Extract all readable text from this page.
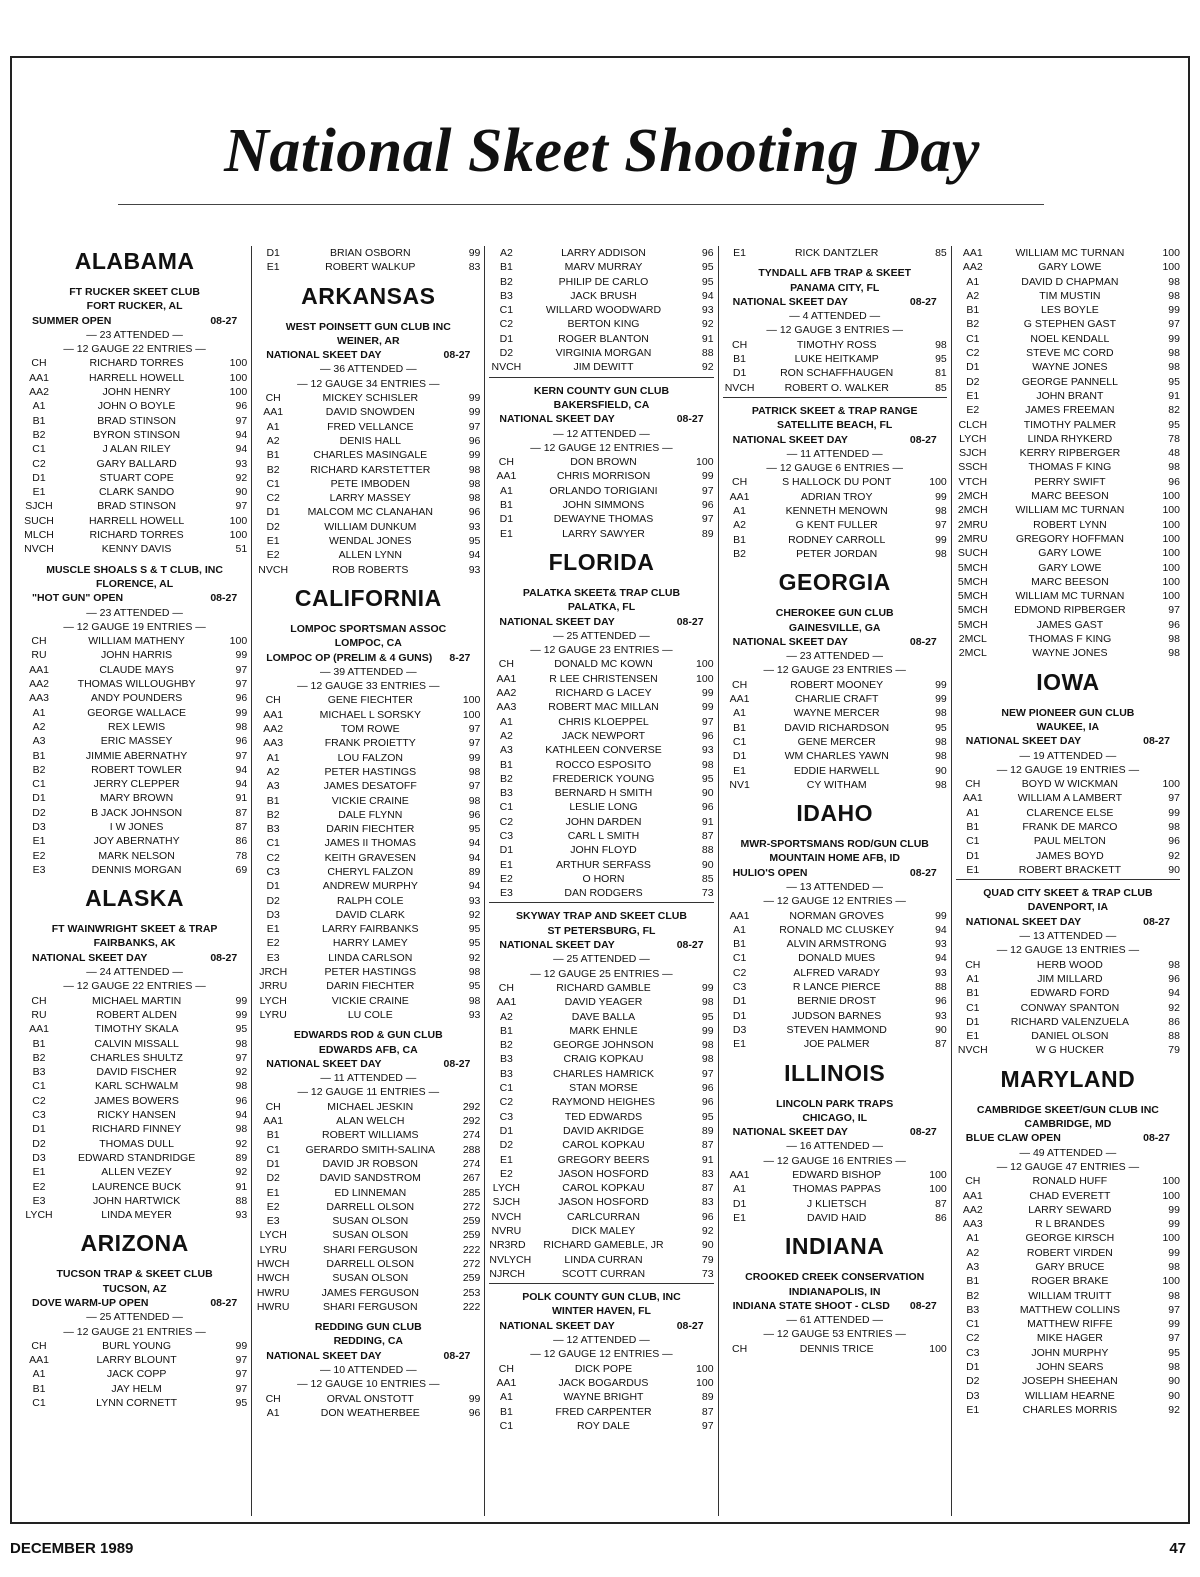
National Skeet Shooting Day
ALABAMA
FT RUCKER SKEET CLUB
FORT RUCKER, AL
SUMMER OPEN	08-27
— 23 ATTENDED —
— 12 GAUGE 22 ENTRIES —
CH	RICHARD TORRES	100
AA1	HARRELL HOWELL	100
AA2	JOHN HENRY	100
A1	JOHN O BOYLE	96
B1	BRAD STINSON	97
B2	BYRON STINSON	94
C1	J ALAN RILEY	94
C2	GARY BALLARD	93
D1	STUART COPE	92
E1	CLARK SANDO	90
SJCH	BRAD STINSON	97
SUCH	HARRELL HOWELL	100
MLCH	RICHARD TORRES	100
NVCH	KENNY DAVIS	51
MUSCLE SHOALS S & T CLUB, INC
FLORENCE, AL
"HOT GUN" OPEN	08-27
— 23 ATTENDED —
— 12 GAUGE 19 ENTRIES —
CH	WILLIAM MATHENY	100
RU	JOHN HARRIS	99
AA1	CLAUDE MAYS	97
AA2	THOMAS WILLOUGHBY	97
AA3	ANDY POUNDERS	96
A1	GEORGE WALLACE	99
A2	REX LEWIS	98
A3	ERIC MASSEY	96
B1	JIMMIE ABERNATHY	97
B2	ROBERT TOWLER	94
C1	JERRY CLEPPER	94
D1	MARY BROWN	91
D2	B JACK JOHNSON	87
D3	I W JONES	87
E1	JOY ABERNATHY	86
E2	MARK NELSON	78
E3	DENNIS MORGAN	69
ALASKA
FT WAINWRIGHT SKEET & TRAP
FAIRBANKS, AK
NATIONAL SKEET DAY	08-27
— 24 ATTENDED —
— 12 GAUGE 22 ENTRIES —
CH	MICHAEL MARTIN	99
RU	ROBERT ALDEN	99
AA1	TIMOTHY SKALA	95
B1	CALVIN MISSALL	98
B2	CHARLES SHULTZ	97
B3	DAVID FISCHER	92
C1	KARL SCHWALM	98
C2	JAMES BOWERS	96
C3	RICKY HANSEN	94
D1	RICHARD FINNEY	98
D2	THOMAS DULL	92
D3	EDWARD STANDRIDGE	89
E1	ALLEN VEZEY	92
E2	LAURENCE BUCK	91
E3	JOHN HARTWICK	88
LYCH	LINDA MEYER	93
ARIZONA
TUCSON TRAP & SKEET CLUB
TUCSON, AZ
DOVE WARM-UP OPEN	08-27
— 25 ATTENDED —
— 12 GAUGE 21 ENTRIES —
CH	BURL YOUNG	99
AA1	LARRY BLOUNT	97
A1	JACK COPP	97
B1	JAY HELM	97
C1	LYNN CORNETT	95
D1	BRIAN OSBORN	99
E1	ROBERT WALKUP	83
ARKANSAS
WEST POINSETT GUN CLUB INC
WEINER, AR
NATIONAL SKEET DAY	08-27
— 36 ATTENDED —
— 12 GAUGE 34 ENTRIES —
CH	MICKEY SCHISLER	99
AA1	DAVID SNOWDEN	99
A1	FRED VELLANCE	97
A2	DENIS HALL	96
B1	CHARLES MASINGALE	99
B2	RICHARD KARSTETTER	98
C1	PETE IMBODEN	98
C2	LARRY MASSEY	98
D1	MALCOM MC CLANAHAN	96
D2	WILLIAM DUNKUM	93
E1	WENDAL JONES	95
E2	ALLEN LYNN	94
NVCH	ROB ROBERTS	93
CALIFORNIA
LOMPOC SPORTSMAN ASSOC
LOMPOC, CA
LOMPOC OP (PRELIM & 4 GUNS) 8-27
— 39 ATTENDED —
— 12 GAUGE 33 ENTRIES —
CH	GENE FIECHTER	100
AA1	MICHAEL L SORSKY	100
AA2	TOM ROWE	97
AA3	FRANK PROIETTY	97
A1	LOU FALZON	99
A2	PETER HASTINGS	98
A3	JAMES DESATOFF	97
B1	VICKIE CRAINE	98
B2	DALE FLYNN	96
B3	DARIN FIECHTER	95
C1	JAMES II THOMAS	94
C2	KEITH GRAVESEN	94
C3	CHERYL FALZON	89
D1	ANDREW MURPHY	94
D2	RALPH COLE	93
D3	DAVID CLARK	92
E1	LARRY FAIRBANKS	95
E2	HARRY LAMEY	95
E3	LINDA CARLSON	92
JRCH	PETER HASTINGS	98
JRRU	DARIN FIECHTER	95
LYCH	VICKIE CRAINE	98
LYRU	LU COLE	93
EDWARDS ROD & GUN CLUB
EDWARDS AFB, CA
NATIONAL SKEET DAY	08-27
— 11 ATTENDED —
— 12 GAUGE 11 ENTRIES —
CH	MICHAEL JESKIN	292
AA1	ALAN WELCH	292
B1	ROBERT WILLIAMS	274
C1	GERARDO SMITH-SALINA	288
D1	DAVID JR ROBSON	274
D2	DAVID SANDSTROM	267
E1	ED LINNEMAN	285
E2	DARRELL OLSON	272
E3	SUSAN OLSON	259
LYCH	SUSAN OLSON	259
LYRU	SHARI FERGUSON	222
HWCH	DARRELL OLSON	272
HWCH	SUSAN OLSON	259
HWRU	JAMES FERGUSON	253
HWRU	SHARI FERGUSON	222
REDDING GUN CLUB
REDDING, CA
NATIONAL SKEET DAY	08-27
— 10 ATTENDED —
— 12 GAUGE 10 ENTRIES —
CH	ORVAL ONSTOTT	99
A1	DON WEATHERBEE	96
A2	LARRY ADDISON	96
B1	MARV MURRAY	95
B2	PHILIP DE CARLO	95
B3	JACK BRUSH	94
C1	WILLARD WOODWARD	93
C2	BERTON KING	92
D1	ROGER BLANTON	91
D2	VIRGINIA MORGAN	88
NVCH	JIM DEWITT	92
KERN COUNTY GUN CLUB
BAKERSFIELD, CA
NATIONAL SKEET DAY	08-27
— 12 ATTENDED —
— 12 GAUGE 12 ENTRIES —
CH	DON BROWN	100
AA1	CHRIS MORRISON	99
A1	ORLANDO TORIGIANI	97
B1	JOHN SIMMONS	96
D1	DEWAYNE THOMAS	97
E1	LARRY SAWYER	89
FLORIDA
PALATKA SKEET& TRAP CLUB
PALATKA, FL
NATIONAL SKEET DAY	08-27
— 25 ATTENDED —
— 12 GAUGE 23 ENTRIES —
CH	DONALD MC KOWN	100
AA1	R LEE CHRISTENSEN	100
AA2	RICHARD G LACEY	99
AA3	ROBERT MAC MILLAN	99
A1	CHRIS KLOEPPEL	97
A2	JACK NEWPORT	96
A3	KATHLEEN CONVERSE	93
B1	ROCCO ESPOSITO	98
B2	FREDERICK YOUNG	95
B3	BERNARD H SMITH	90
C1	LESLIE LONG	96
C2	JOHN DARDEN	91
C3	CARL L SMITH	87
D1	JOHN FLOYD	88
E1	ARTHUR SERFASS	90
E2	O HORN	85
E3	DAN RODGERS	73
SKYWAY TRAP AND SKEET CLUB
ST PETERSBURG, FL
NATIONAL SKEET DAY	08-27
— 25 ATTENDED —
— 12 GAUGE 25 ENTRIES —
CH	RICHARD GAMBLE	99
AA1	DAVID YEAGER	98
A2	DAVE BALLA	95
B1	MARK EHNLE	99
B2	GEORGE JOHNSON	98
B3	CRAIG KOPKAU	98
B3	CHARLES HAMRICK	97
C1	STAN MORSE	96
C2	RAYMOND HEIGHES	96
C3	TED EDWARDS	95
D1	DAVID AKRIDGE	89
D2	CAROL KOPKAU	87
E1	GREGORY BEERS	91
E2	JASON HOSFORD	83
LYCH	CAROL KOPKAU	87
SJCH	JASON HOSFORD	83
NVCH	CARLCURRAN	96
NVRU	DICK MALEY	92
NR3RD	RICHARD GAMEBLE, JR	90
NVLYCH	LINDA CURRAN	79
NJRCH	SCOTT CURRAN	73
POLK COUNTY GUN CLUB, INC
WINTER HAVEN, FL
NATIONAL SKEET DAY	08-27
— 12 ATTENDED —
— 12 GAUGE 12 ENTRIES —
CH	DICK POPE	100
AA1	JACK BOGARDUS	100
A1	WAYNE BRIGHT	89
B1	FRED CARPENTER	87
C1	ROY DALE	97
E1	RICK DANTZLER	85
TYNDALL AFB TRAP & SKEET
PANAMA CITY, FL
NATIONAL SKEET DAY	08-27
— 4 ATTENDED —
— 12 GAUGE 3 ENTRIES —
CH	TIMOTHY ROSS	98
B1	LUKE HEITKAMP	95
D1	RON SCHAFFHAUGEN	81
NVCH	ROBERT O. WALKER	85
PATRICK SKEET & TRAP RANGE
SATELLITE BEACH, FL
NATIONAL SKEET DAY	08-27
— 11 ATTENDED —
— 12 GAUGE 6 ENTRIES —
CH	S HALLOCK DU PONT	100
AA1	ADRIAN TROY	99
A1	KENNETH MENOWN	98
A2	G KENT FULLER	97
B1	RODNEY CARROLL	99
B2	PETER JORDAN	98
GEORGIA
CHEROKEE GUN CLUB
GAINESVILLE, GA
NATIONAL SKEET DAY	08-27
— 23 ATTENDED —
— 12 GAUGE 23 ENTRIES —
CH	ROBERT MOONEY	99
AA1	CHARLIE CRAFT	99
A1	WAYNE MERCER	98
B1	DAVID RICHARDSON	95
C1	GENE MERCER	98
D1	WM CHARLES YAWN	98
E1	EDDIE HARWELL	90
NV1	CY WITHAM	98
IDAHO
MWR-SPORTSMANS ROD/GUN CLUB
MOUNTAIN HOME AFB, ID
HULIO'S OPEN	08-27
— 13 ATTENDED —
— 12 GAUGE 12 ENTRIES —
AA1	NORMAN GROVES	99
A1	RONALD MC CLUSKEY	94
B1	ALVIN ARMSTRONG	93
C1	DONALD MUES	94
C2	ALFRED VARADY	93
C3	R LANCE PIERCE	88
D1	BERNIE DROST	96
D1	JUDSON BARNES	93
D3	STEVEN HAMMOND	90
E1	JOE PALMER	87
ILLINOIS
LINCOLN PARK TRAPS
CHICAGO, IL
NATIONAL SKEET DAY	08-27
— 16 ATTENDED —
— 12 GAUGE 16 ENTRIES —
AA1	EDWARD BISHOP	100
A1	THOMAS PAPPAS	100
D1	J KLIETSCH	87
E1	DAVID HAID	86
INDIANA
CROOKED CREEK CONSERVATION
INDIANAPOLIS, IN
INDIANA STATE SHOOT - CLSD 08-27
— 61 ATTENDED —
— 12 GAUGE 53 ENTRIES —
CH	DENNIS TRICE	100
AA1	WILLIAM MC TURNAN	100
AA2	GARY LOWE	100
A1	DAVID D CHAPMAN	98
A2	TIM MUSTIN	98
B1	LES BOYLE	99
B2	G STEPHEN GAST	97
C1	NOEL KENDALL	99
C2	STEVE MC CORD	98
D1	WAYNE JONES	98
D2	GEORGE PANNELL	95
E1	JOHN BRANT	91
E2	JAMES FREEMAN	82
CLCH	TIMOTHY PALMER	95
LYCH	LINDA RHYKERD	78
SJCH	KERRY RIPBERGER	48
SSCH	THOMAS F KING	98
VTCH	PERRY SWIFT	96
2MCH	MARC BEESON	100
2MCH	WILLIAM MC TURNAN	100
2MRU	ROBERT LYNN	100
2MRU	GREGORY HOFFMAN	100
SUCH	GARY LOWE	100
5MCH	GARY LOWE	100
5MCH	MARC BEESON	100
5MCH	WILLIAM MC TURNAN	100
5MCH	EDMOND RIPBERGER	97
5MCH	JAMES GAST	96
2MCL	THOMAS F KING	98
2MCL	WAYNE JONES	98
IOWA
NEW PIONEER GUN CLUB
WAUKEE, IA
NATIONAL SKEET DAY	08-27
— 19 ATTENDED —
— 12 GAUGE 19 ENTRIES —
CH	BOYD W WICKMAN	100
AA1	WILLIAM A LAMBERT	97
A1	CLARENCE ELSE	99
B1	FRANK DE MARCO	98
C1	PAUL MELTON	96
D1	JAMES BOYD	92
E1	ROBERT BRACKETT	90
QUAD CITY SKEET & TRAP CLUB
DAVENPORT, IA
NATIONAL SKEET DAY	08-27
— 13 ATTENDED —
— 12 GAUGE 13 ENTRIES —
CH	HERB WOOD	98
A1	JIM MILLARD	96
B1	EDWARD FORD	94
C1	CONWAY SPANTON	92
D1	RICHARD VALENZUELA	86
E1	DANIEL OLSON	88
NVCH	W G HUCKER	79
MARYLAND
CAMBRIDGE SKEET/GUN CLUB INC
CAMBRIDGE, MD
BLUE CLAW OPEN	08-27
— 49 ATTENDED —
— 12 GAUGE 47 ENTRIES —
CH	RONALD HUFF	100
AA1	CHAD EVERETT	100
AA2	LARRY SEWARD	99
AA3	R L BRANDES	99
A1	GEORGE KIRSCH	100
A2	ROBERT VIRDEN	99
A3	GARY BRUCE	98
B1	ROGER BRAKE	100
B2	WILLIAM TRUITT	98
B3	MATTHEW COLLINS	97
C1	MATTHEW RIFFE	99
C2	MIKE HAGER	97
C3	JOHN MURPHY	95
D1	JOHN SEARS	98
D2	JOSEPH SHEEHAN	90
D3	WILLIAM HEARNE	90
E1	CHARLES MORRIS	92

DECEMBER 1989	47
